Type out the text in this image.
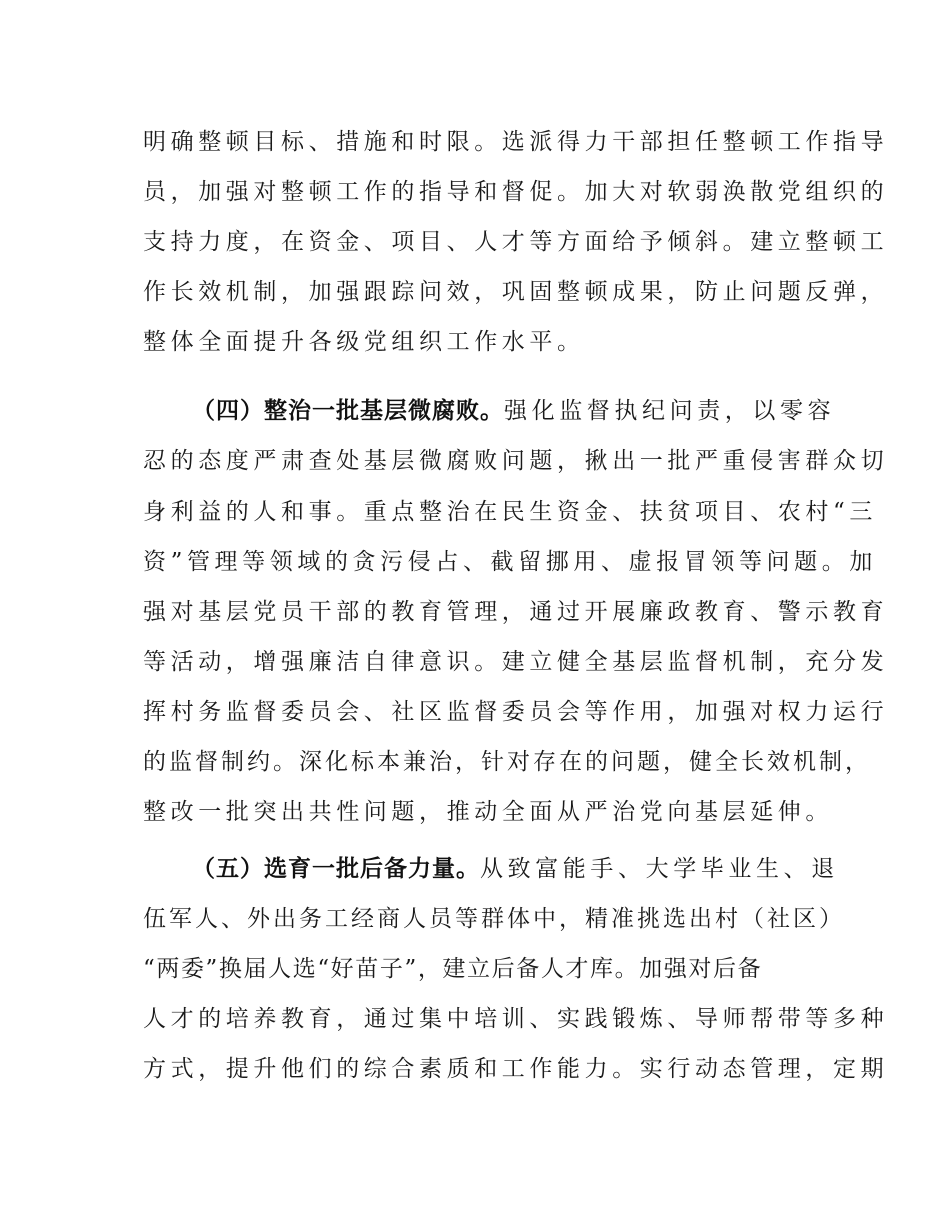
明确整顿目标、措施和时限。选派得力干部担任整顿工作指导
员，加强对整顿工作的指导和督促。加大对软弱涣散党组织的
支持力度，在资金、项目、人才等方面给予倾斜。建立整顿工
作长效机制，加强跟踪问效，巩固整顿成果，防止问题反弹，
整体全面提升各级党组织工作水平。
（四）整治一批基层微腐败。强化监督执纪问责，以零容
忍的态度严肃查处基层微腐败问题，揪出一批严重侵害群众切
身利益的人和事。重点整治在民生资金、扶贫项目、农村“三
资”管理等领域的贪污侵占、截留挪用、虚报冒领等问题。加
强对基层党员干部的教育管理，通过开展廉政教育、警示教育
等活动，增强廉洁自律意识。建立健全基层监督机制，充分发
挥村务监督委员会、社区监督委员会等作用，加强对权力运行
的监督制约。深化标本兼治，针对存在的问题，健全长效机制，
整改一批突出共性问题，推动全面从严治党向基层延伸。
（五）选育一批后备力量。从致富能手、大学毕业生、退
伍军人、外出务工经商人员等群体中，精准挑选出村（社区）
“两委”换届人选“好苗子”，建立后备人才库。加强对后备
人才的培养教育，通过集中培训、实践锻炼、导师帮带等多种
方式，提升他们的综合素质和工作能力。实行动态管理，定期
